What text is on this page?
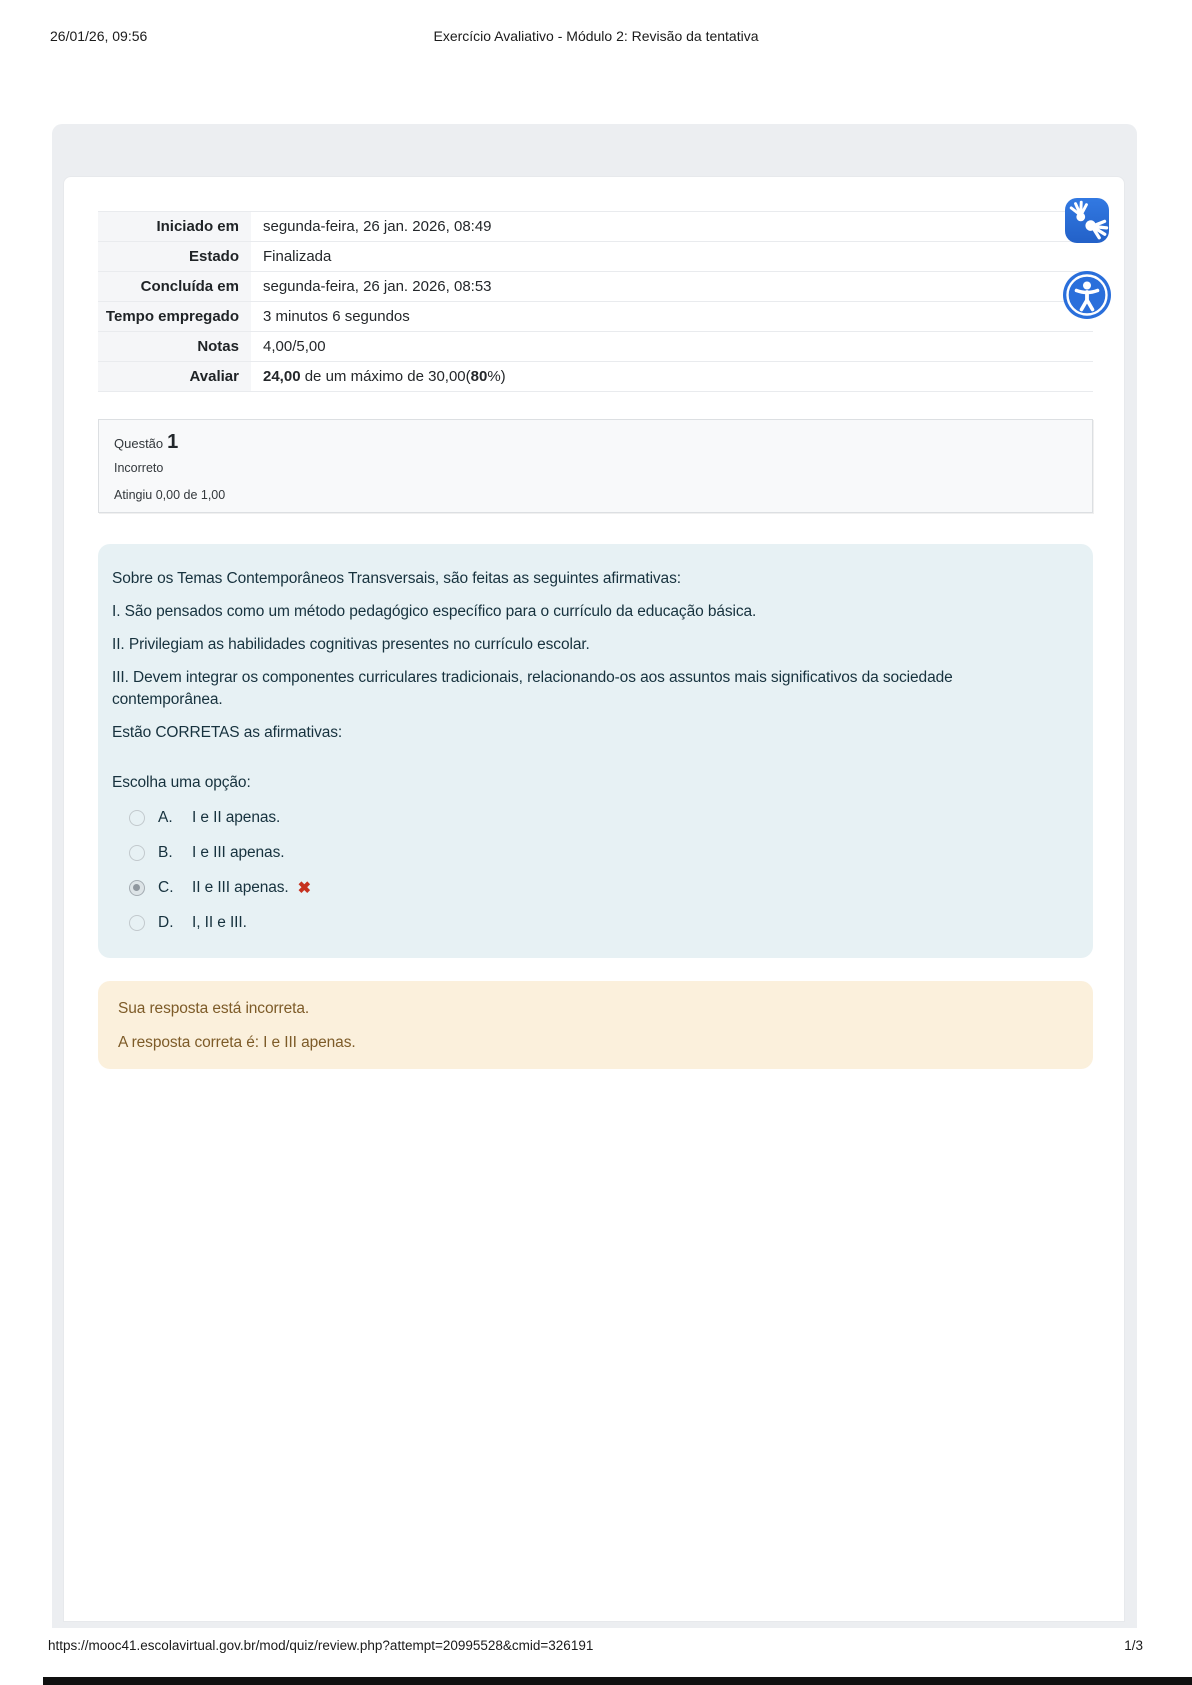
26/01/26, 09:56	Exercício Avaliativo - Módulo 2: Revisão da tentativa
Iniciado em	segunda-feira, 26 jan. 2026, 08:49
Estado	Finalizada
Concluída em	segunda-feira, 26 jan. 2026, 08:53
Tempo empregado	3 minutos 6 segundos
Notas	4,00/5,00
Avaliar	24,00 de um máximo de 30,00(80%)
Questão 1
Incorreto
Atingiu 0,00 de 1,00

Sobre os Temas Contemporâneos Transversais, são feitas as seguintes afirmativas:

I. São pensados como um método pedagógico específico para o currículo da educação básica.

II. Privilegiam as habilidades cognitivas presentes no currículo escolar.

III. Devem integrar os componentes curriculares tradicionais, relacionando-os aos assuntos mais significativos da sociedade contemporânea.

Estão CORRETAS as afirmativas:

Escolha uma opção:

A.	I e II apenas.
B.	I e III apenas.
C.	II e III apenas. ✖
D.	I, II e III.

Sua resposta está incorreta.

A resposta correta é: I e III apenas.

https://mooc41.escolavirtual.gov.br/mod/quiz/review.php?attempt=20995528&cmid=326191	1/3
